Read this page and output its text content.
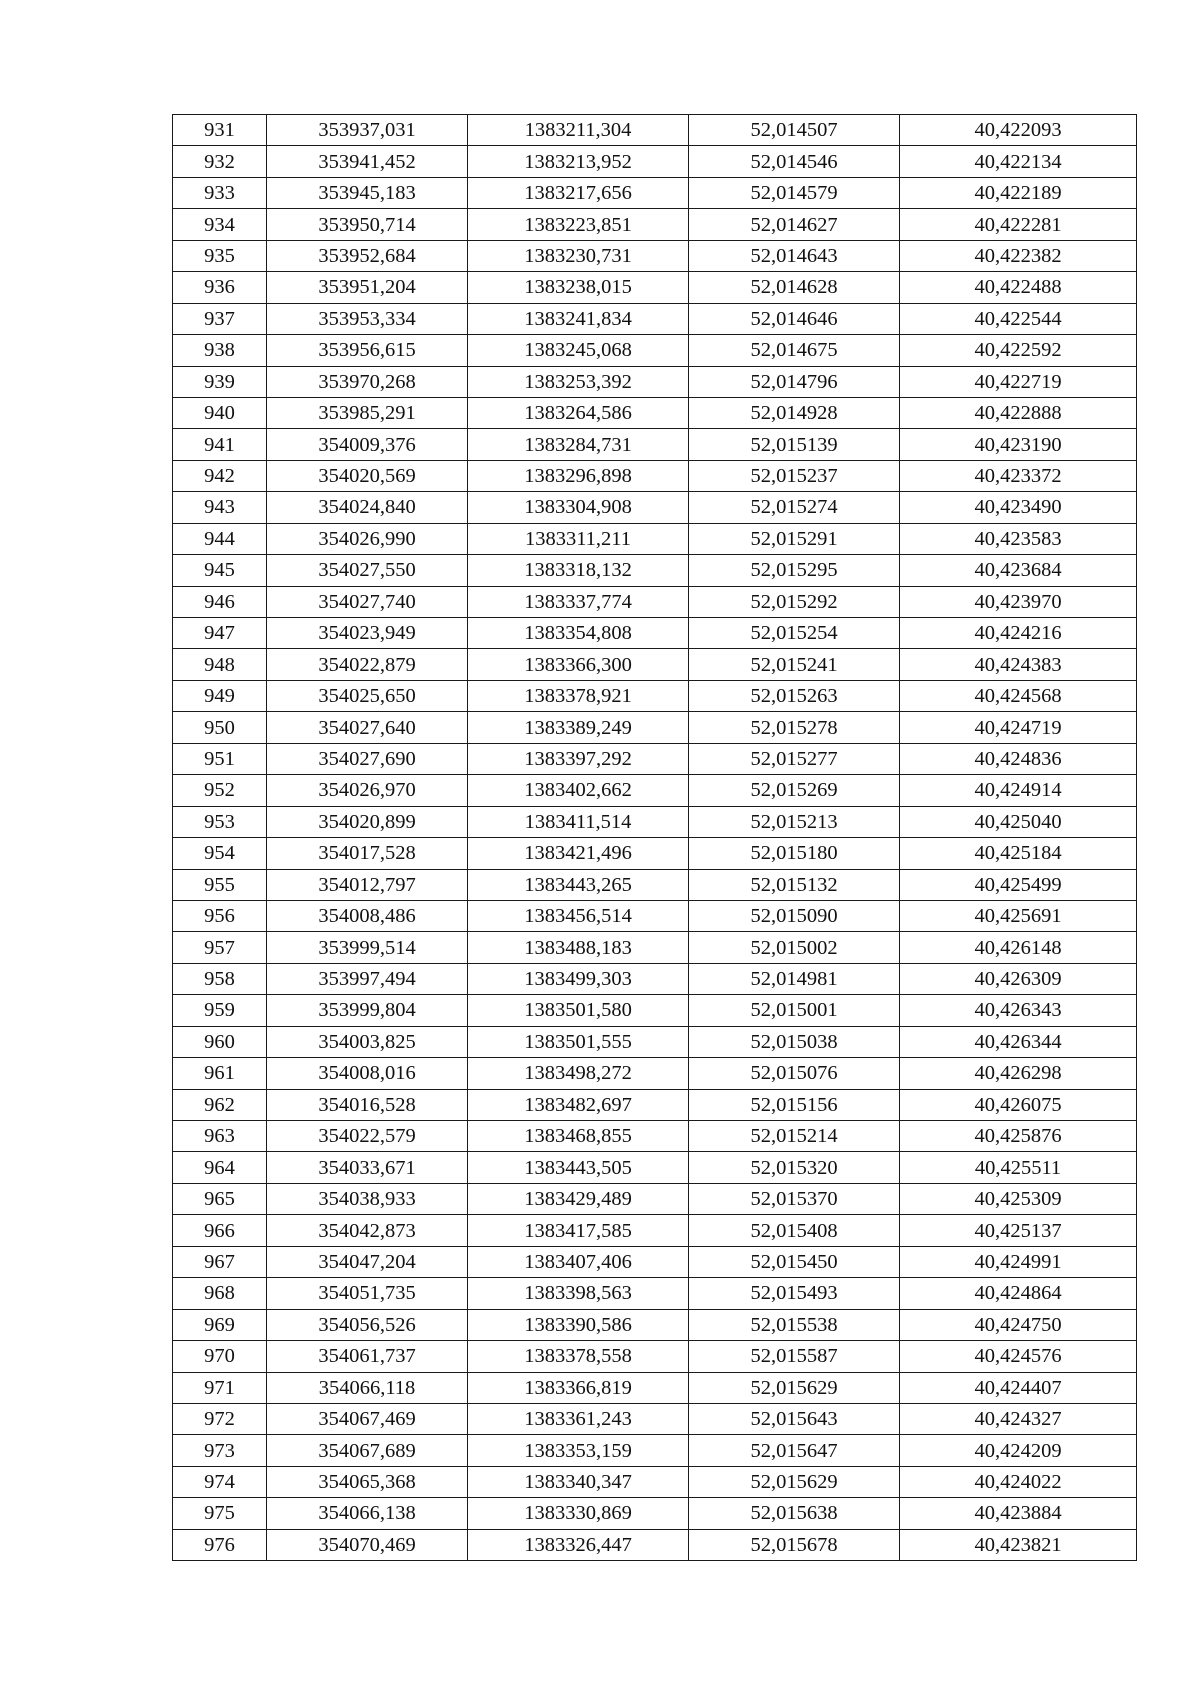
931	353937,031	1383211,304	52,014507	40,422093
932	353941,452	1383213,952	52,014546	40,422134
933	353945,183	1383217,656	52,014579	40,422189
934	353950,714	1383223,851	52,014627	40,422281
935	353952,684	1383230,731	52,014643	40,422382
936	353951,204	1383238,015	52,014628	40,422488
937	353953,334	1383241,834	52,014646	40,422544
938	353956,615	1383245,068	52,014675	40,422592
939	353970,268	1383253,392	52,014796	40,422719
940	353985,291	1383264,586	52,014928	40,422888
941	354009,376	1383284,731	52,015139	40,423190
942	354020,569	1383296,898	52,015237	40,423372
943	354024,840	1383304,908	52,015274	40,423490
944	354026,990	1383311,211	52,015291	40,423583
945	354027,550	1383318,132	52,015295	40,423684
946	354027,740	1383337,774	52,015292	40,423970
947	354023,949	1383354,808	52,015254	40,424216
948	354022,879	1383366,300	52,015241	40,424383
949	354025,650	1383378,921	52,015263	40,424568
950	354027,640	1383389,249	52,015278	40,424719
951	354027,690	1383397,292	52,015277	40,424836
952	354026,970	1383402,662	52,015269	40,424914
953	354020,899	1383411,514	52,015213	40,425040
954	354017,528	1383421,496	52,015180	40,425184
955	354012,797	1383443,265	52,015132	40,425499
956	354008,486	1383456,514	52,015090	40,425691
957	353999,514	1383488,183	52,015002	40,426148
958	353997,494	1383499,303	52,014981	40,426309
959	353999,804	1383501,580	52,015001	40,426343
960	354003,825	1383501,555	52,015038	40,426344
961	354008,016	1383498,272	52,015076	40,426298
962	354016,528	1383482,697	52,015156	40,426075
963	354022,579	1383468,855	52,015214	40,425876
964	354033,671	1383443,505	52,015320	40,425511
965	354038,933	1383429,489	52,015370	40,425309
966	354042,873	1383417,585	52,015408	40,425137
967	354047,204	1383407,406	52,015450	40,424991
968	354051,735	1383398,563	52,015493	40,424864
969	354056,526	1383390,586	52,015538	40,424750
970	354061,737	1383378,558	52,015587	40,424576
971	354066,118	1383366,819	52,015629	40,424407
972	354067,469	1383361,243	52,015643	40,424327
973	354067,689	1383353,159	52,015647	40,424209
974	354065,368	1383340,347	52,015629	40,424022
975	354066,138	1383330,869	52,015638	40,423884
976	354070,469	1383326,447	52,015678	40,423821
